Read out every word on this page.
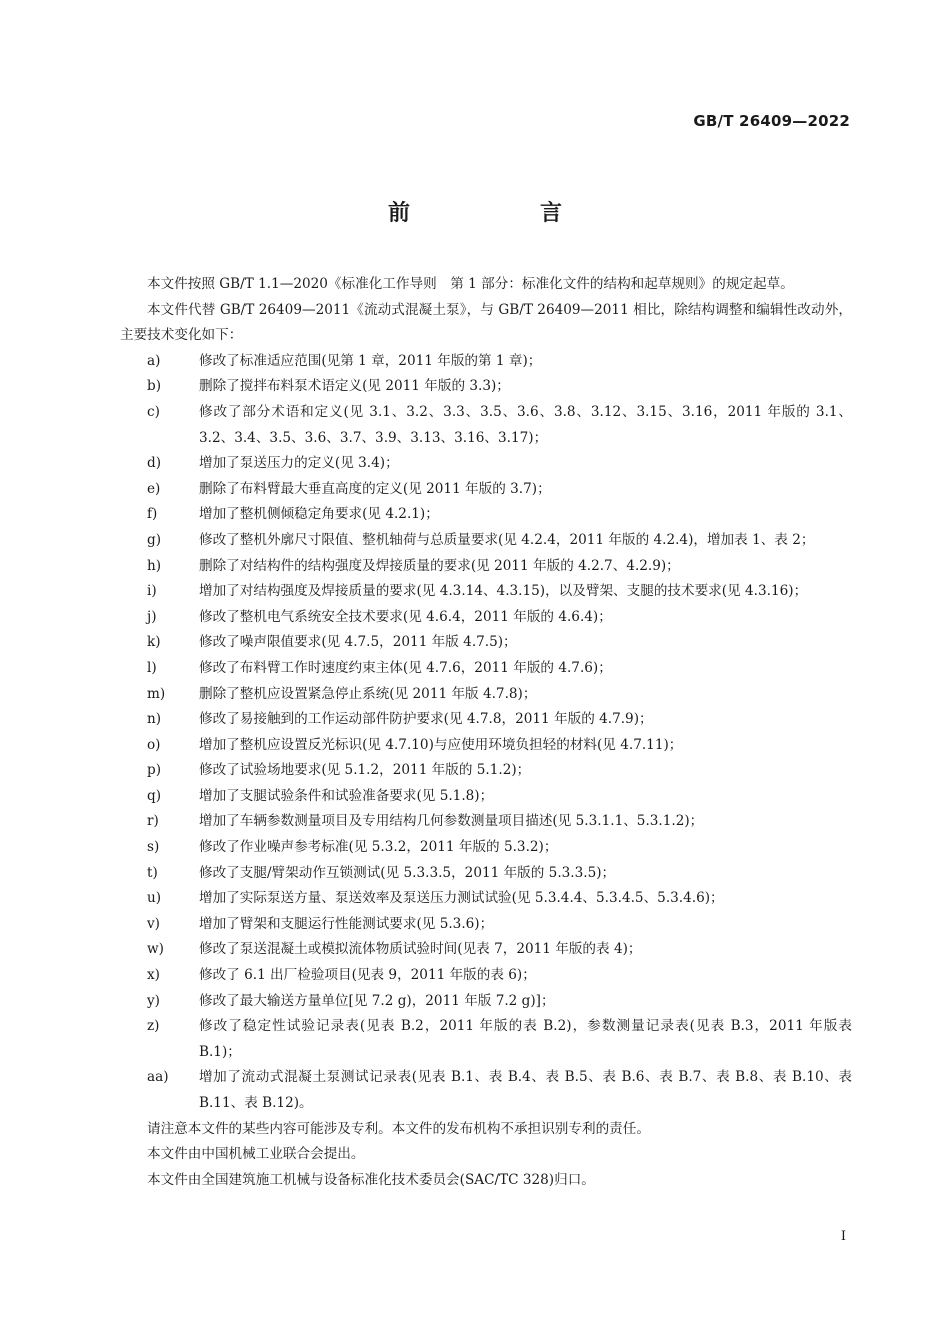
GB/T 26409—2022
前　言

本文件按照 GB/T 1.1—2020《标准化工作导则　第 1 部分：标准化文件的结构和起草规则》的规定起草。

本文件代替 GB/T 26409—2011《流动式混凝土泵》，与 GB/T 26409—2011 相比，除结构调整和编辑性改动外，主要技术变化如下：

a)	修改了标准适应范围(见第 1 章，2011 年版的第 1 章)；
b)	删除了搅拌布料泵术语定义(见 2011 年版的 3.3)；
c)	修改了部分术语和定义(见 3.1、3.2、3.3、3.5、3.6、3.8、3.12、3.15、3.16，2011 年版的 3.1、3.2、3.4、3.5、3.6、3.7、3.9、3.13、3.16、3.17)；
d)	增加了泵送压力的定义(见 3.4)；
e)	删除了布料臂最大垂直高度的定义(见 2011 年版的 3.7)；
f)	增加了整机侧倾稳定角要求(见 4.2.1)；
g)	修改了整机外廓尺寸限值、整机轴荷与总质量要求(见 4.2.4，2011 年版的 4.2.4)，增加表 1、表 2；
h)	删除了对结构件的结构强度及焊接质量的要求(见 2011 年版的 4.2.7、4.2.9)；
i)	增加了对结构强度及焊接质量的要求(见 4.3.14、4.3.15)，以及臂架、支腿的技术要求(见 4.3.16)；
j)	修改了整机电气系统安全技术要求(见 4.6.4，2011 年版的 4.6.4)；
k)	修改了噪声限值要求(见 4.7.5，2011 年版 4.7.5)；
l)	修改了布料臂工作时速度约束主体(见 4.7.6，2011 年版的 4.7.6)；
m)	删除了整机应设置紧急停止系统(见 2011 年版 4.7.8)；
n)	修改了易接触到的工作运动部件防护要求(见 4.7.8，2011 年版的 4.7.9)；
o)	增加了整机应设置反光标识(见 4.7.10)与应使用环境负担轻的材料(见 4.7.11)；
p)	修改了试验场地要求(见 5.1.2，2011 年版的 5.1.2)；
q)	增加了支腿试验条件和试验准备要求(见 5.1.8)；
r)	增加了车辆参数测量项目及专用结构几何参数测量项目描述(见 5.3.1.1、5.3.1.2)；
s)	修改了作业噪声参考标准(见 5.3.2，2011 年版的 5.3.2)；
t)	修改了支腿/臂架动作互锁测试(见 5.3.3.5，2011 年版的 5.3.3.5)；
u)	增加了实际泵送方量、泵送效率及泵送压力测试试验(见 5.3.4.4、5.3.4.5、5.3.4.6)；
v)	增加了臂架和支腿运行性能测试要求(见 5.3.6)；
w)	修改了泵送混凝土或模拟流体物质试验时间(见表 7，2011 年版的表 4)；
x)	修改了 6.1 出厂检验项目(见表 9，2011 年版的表 6)；
y)	修改了最大输送方量单位[见 7.2 g)，2011 年版 7.2 g)]；
z)	修改了稳定性试验记录表(见表 B.2，2011 年版的表 B.2)，参数测量记录表(见表 B.3，2011 年版表 B.1)；
aa)	增加了流动式混凝土泵测试记录表(见表 B.1、表 B.4、表 B.5、表 B.6、表 B.7、表 B.8、表 B.10、表 B.11、表 B.12)。

请注意本文件的某些内容可能涉及专利。本文件的发布机构不承担识别专利的责任。

本文件由中国机械工业联合会提出。

本文件由全国建筑施工机械与设备标准化技术委员会(SAC/TC 328)归口。

I
